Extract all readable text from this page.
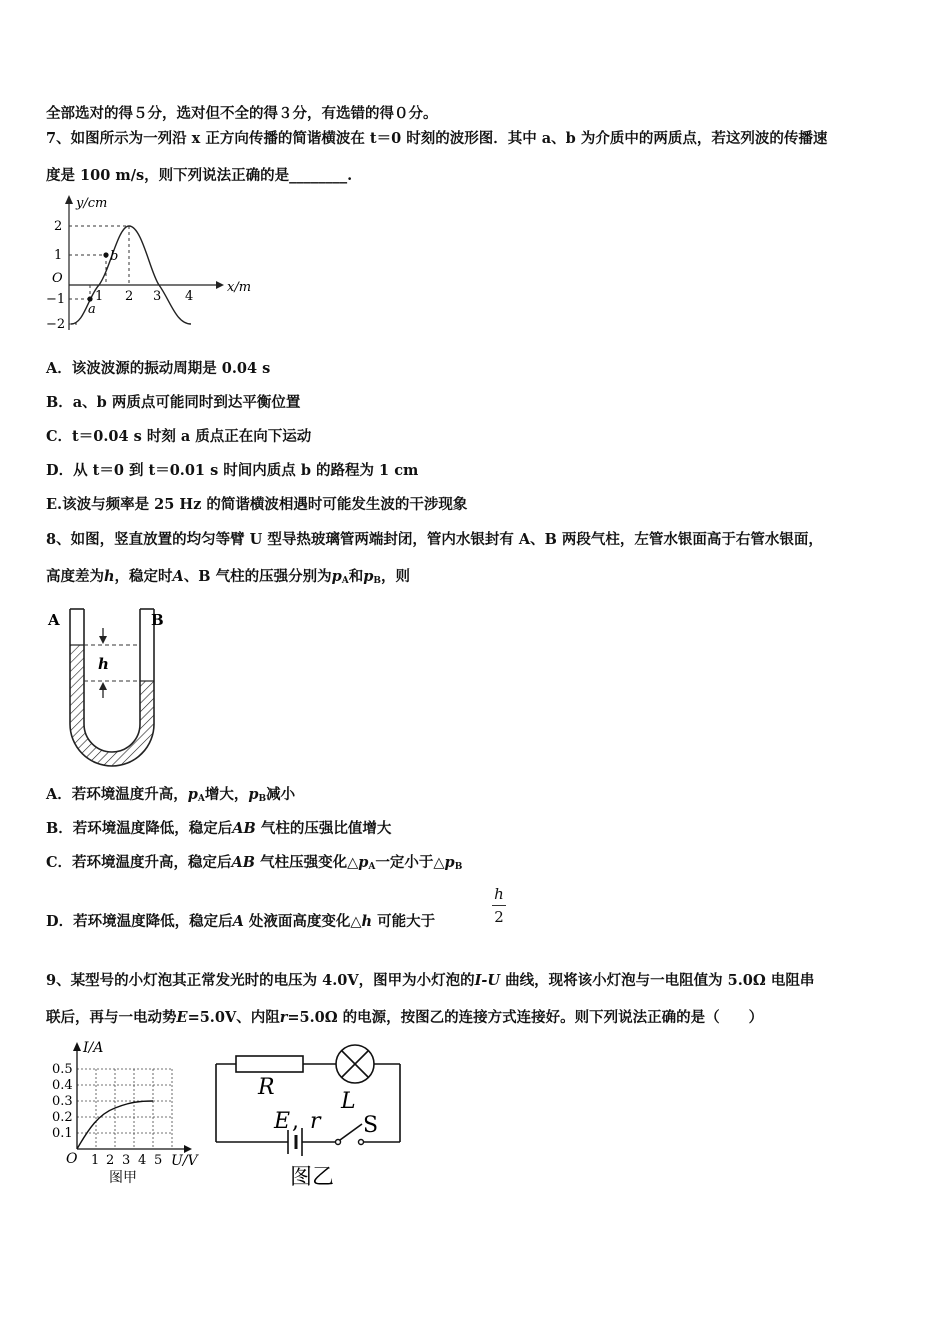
全部选对的得５分，选对但不全的得３分，有选错的得０分。
7、如图所示为一列沿 x 正方向传播的简谐横波在 t＝0 时刻的波形图．其中 a、b 为介质中的两质点，若这列波的传播速
度是 100 m/s，则下列说法正确的是________.
y/cm
x/m
O
2
1
−1
−2
1 2 3 4
a
b
A．该波波源的振动周期是 0.04 s
B．a、b 两质点可能同时到达平衡位置
C．t＝0.04 s 时刻 a 质点正在向下运动
D．从 t＝0 到 t＝0.01 s 时间内质点 b 的路程为 1 cm
E.该波与频率是 25 Hz 的简谐横波相遇时可能发生波的干涉现象
8、如图，竖直放置的均匀等臂 U 型导热玻璃管两端封闭，管内水银封有 A、B 两段气柱，左管水银面高于右管水银面，
高度差为h，稳定时A、B 气柱的压强分别为$p_A$和$p_B$，则
h
A	B
A．若环境温度升高，$p_A$增大，$p_B$减小
B．若环境温度降低，稳定后AB 气柱的压强比值增大
C．若环境温度升高，稳定后AB 气柱压强变化$\triangle p_A$一定小于$\triangle p_B$
D．若环境温度降低，稳定后A 处液面高度变化△h 可能大于
h
2
9、某型号的小灯泡其正常发光时的电压为 4.0V，图甲为小灯泡的I-U 曲线，现将该小灯泡与一电阻值为 5.0Ω 电阻串
联后，再与一电动势E=5.0V、内阻r=5.0Ω 的电源，按图乙的连接方式连接好。则下列说法正确的是（　　）
I/A
U/V
O
0.5
0.4
0.3
0.2
0.1
1 2 3 4 5
图甲
R
L
E , r S
图乙
